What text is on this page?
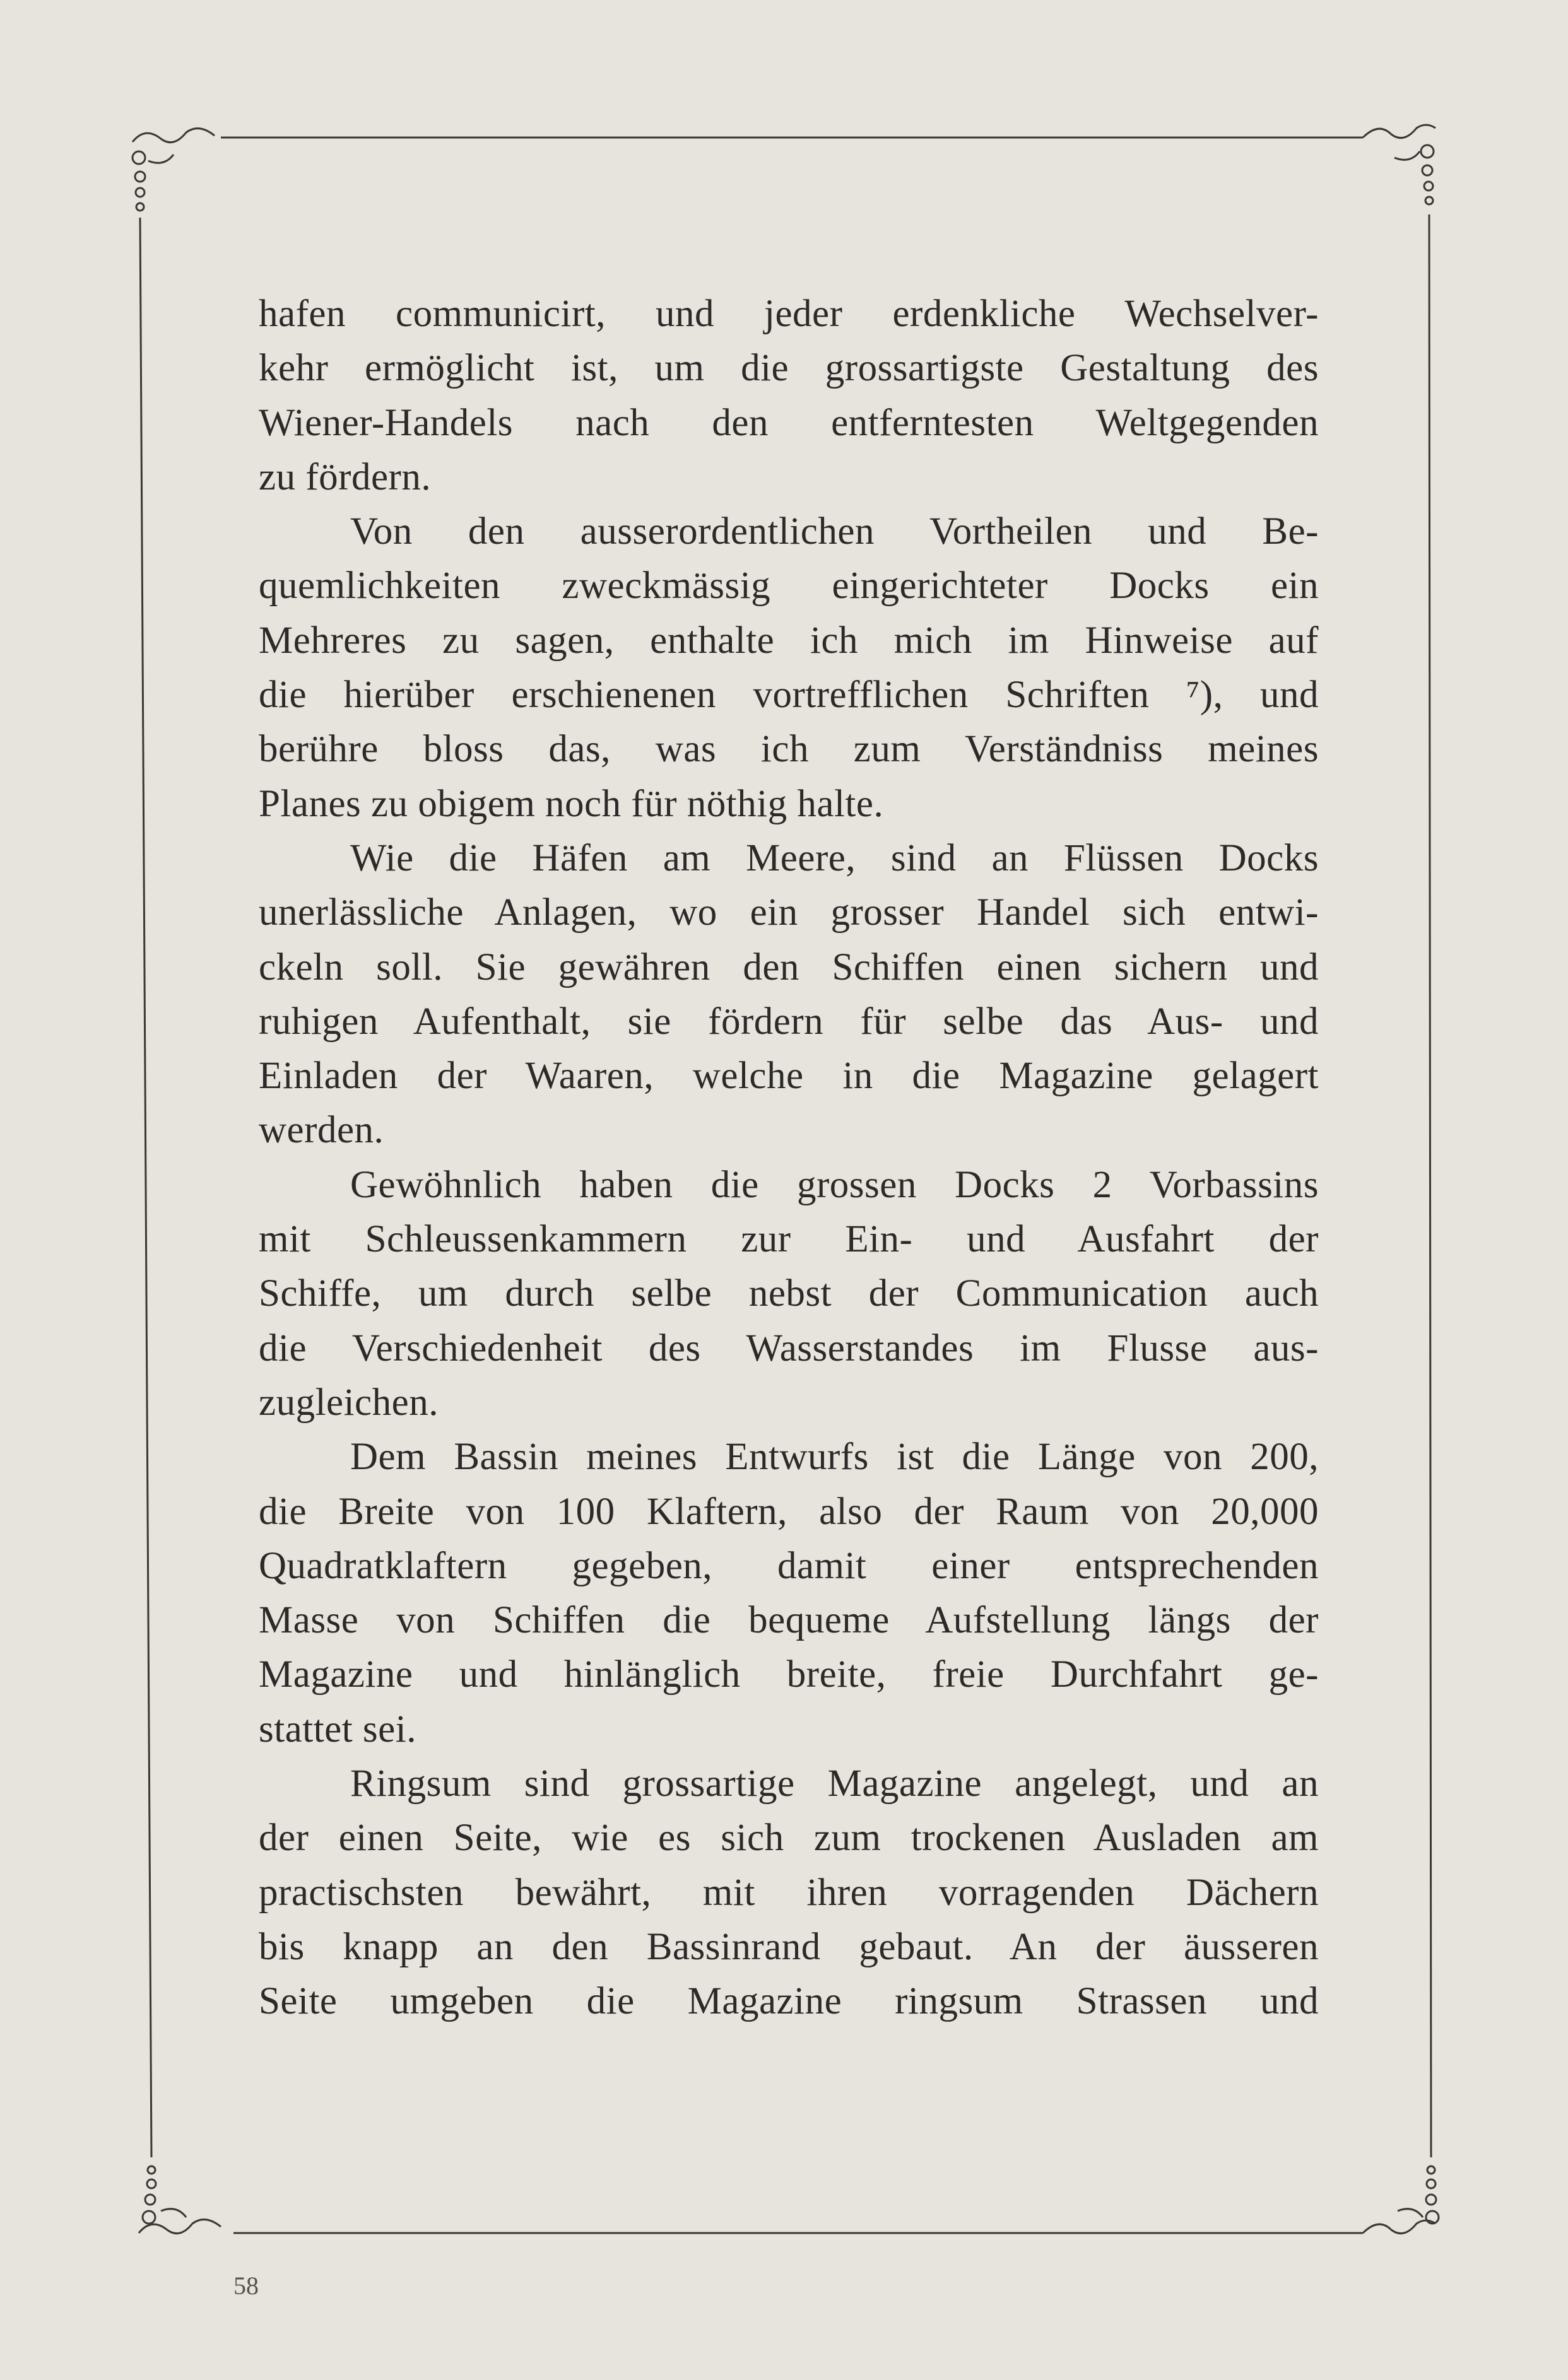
hafen communicirt, und jeder erdenkliche Wechselver-
kehr ermöglicht ist, um die grossartigste Gestaltung des
Wiener-Handels nach den entferntesten Weltgegenden
zu fördern.
Von den ausserordentlichen Vortheilen und Be-
quemlichkeiten zweckmässig eingerichteter Docks ein
Mehreres zu sagen, enthalte ich mich im Hinweise auf
die hierüber erschienenen vortrefflichen Schriften ⁷), und
berühre bloss das, was ich zum Verständniss meines
Planes zu obigem noch für nöthig halte.
Wie die Häfen am Meere, sind an Flüssen Docks
unerlässliche Anlagen, wo ein grosser Handel sich entwi-
ckeln soll. Sie gewähren den Schiffen einen sichern und
ruhigen Aufenthalt, sie fördern für selbe das Aus- und
Einladen der Waaren, welche in die Magazine gelagert
werden.
Gewöhnlich haben die grossen Docks 2 Vorbassins
mit Schleussenkammern zur Ein- und Ausfahrt der
Schiffe, um durch selbe nebst der Communication auch
die Verschiedenheit des Wasserstandes im Flusse aus-
zugleichen.
Dem Bassin meines Entwurfs ist die Länge von 200,
die Breite von 100 Klaftern, also der Raum von 20,000
Quadratklaftern gegeben, damit einer entsprechenden
Masse von Schiffen die bequeme Aufstellung längs der
Magazine und hinlänglich breite, freie Durchfahrt ge-
stattet sei.
Ringsum sind grossartige Magazine angelegt, und an
der einen Seite, wie es sich zum trockenen Ausladen am
practischsten bewährt, mit ihren vorragenden Dächern
bis knapp an den Bassinrand gebaut. An der äusseren
Seite umgeben die Magazine ringsum Strassen und
58
